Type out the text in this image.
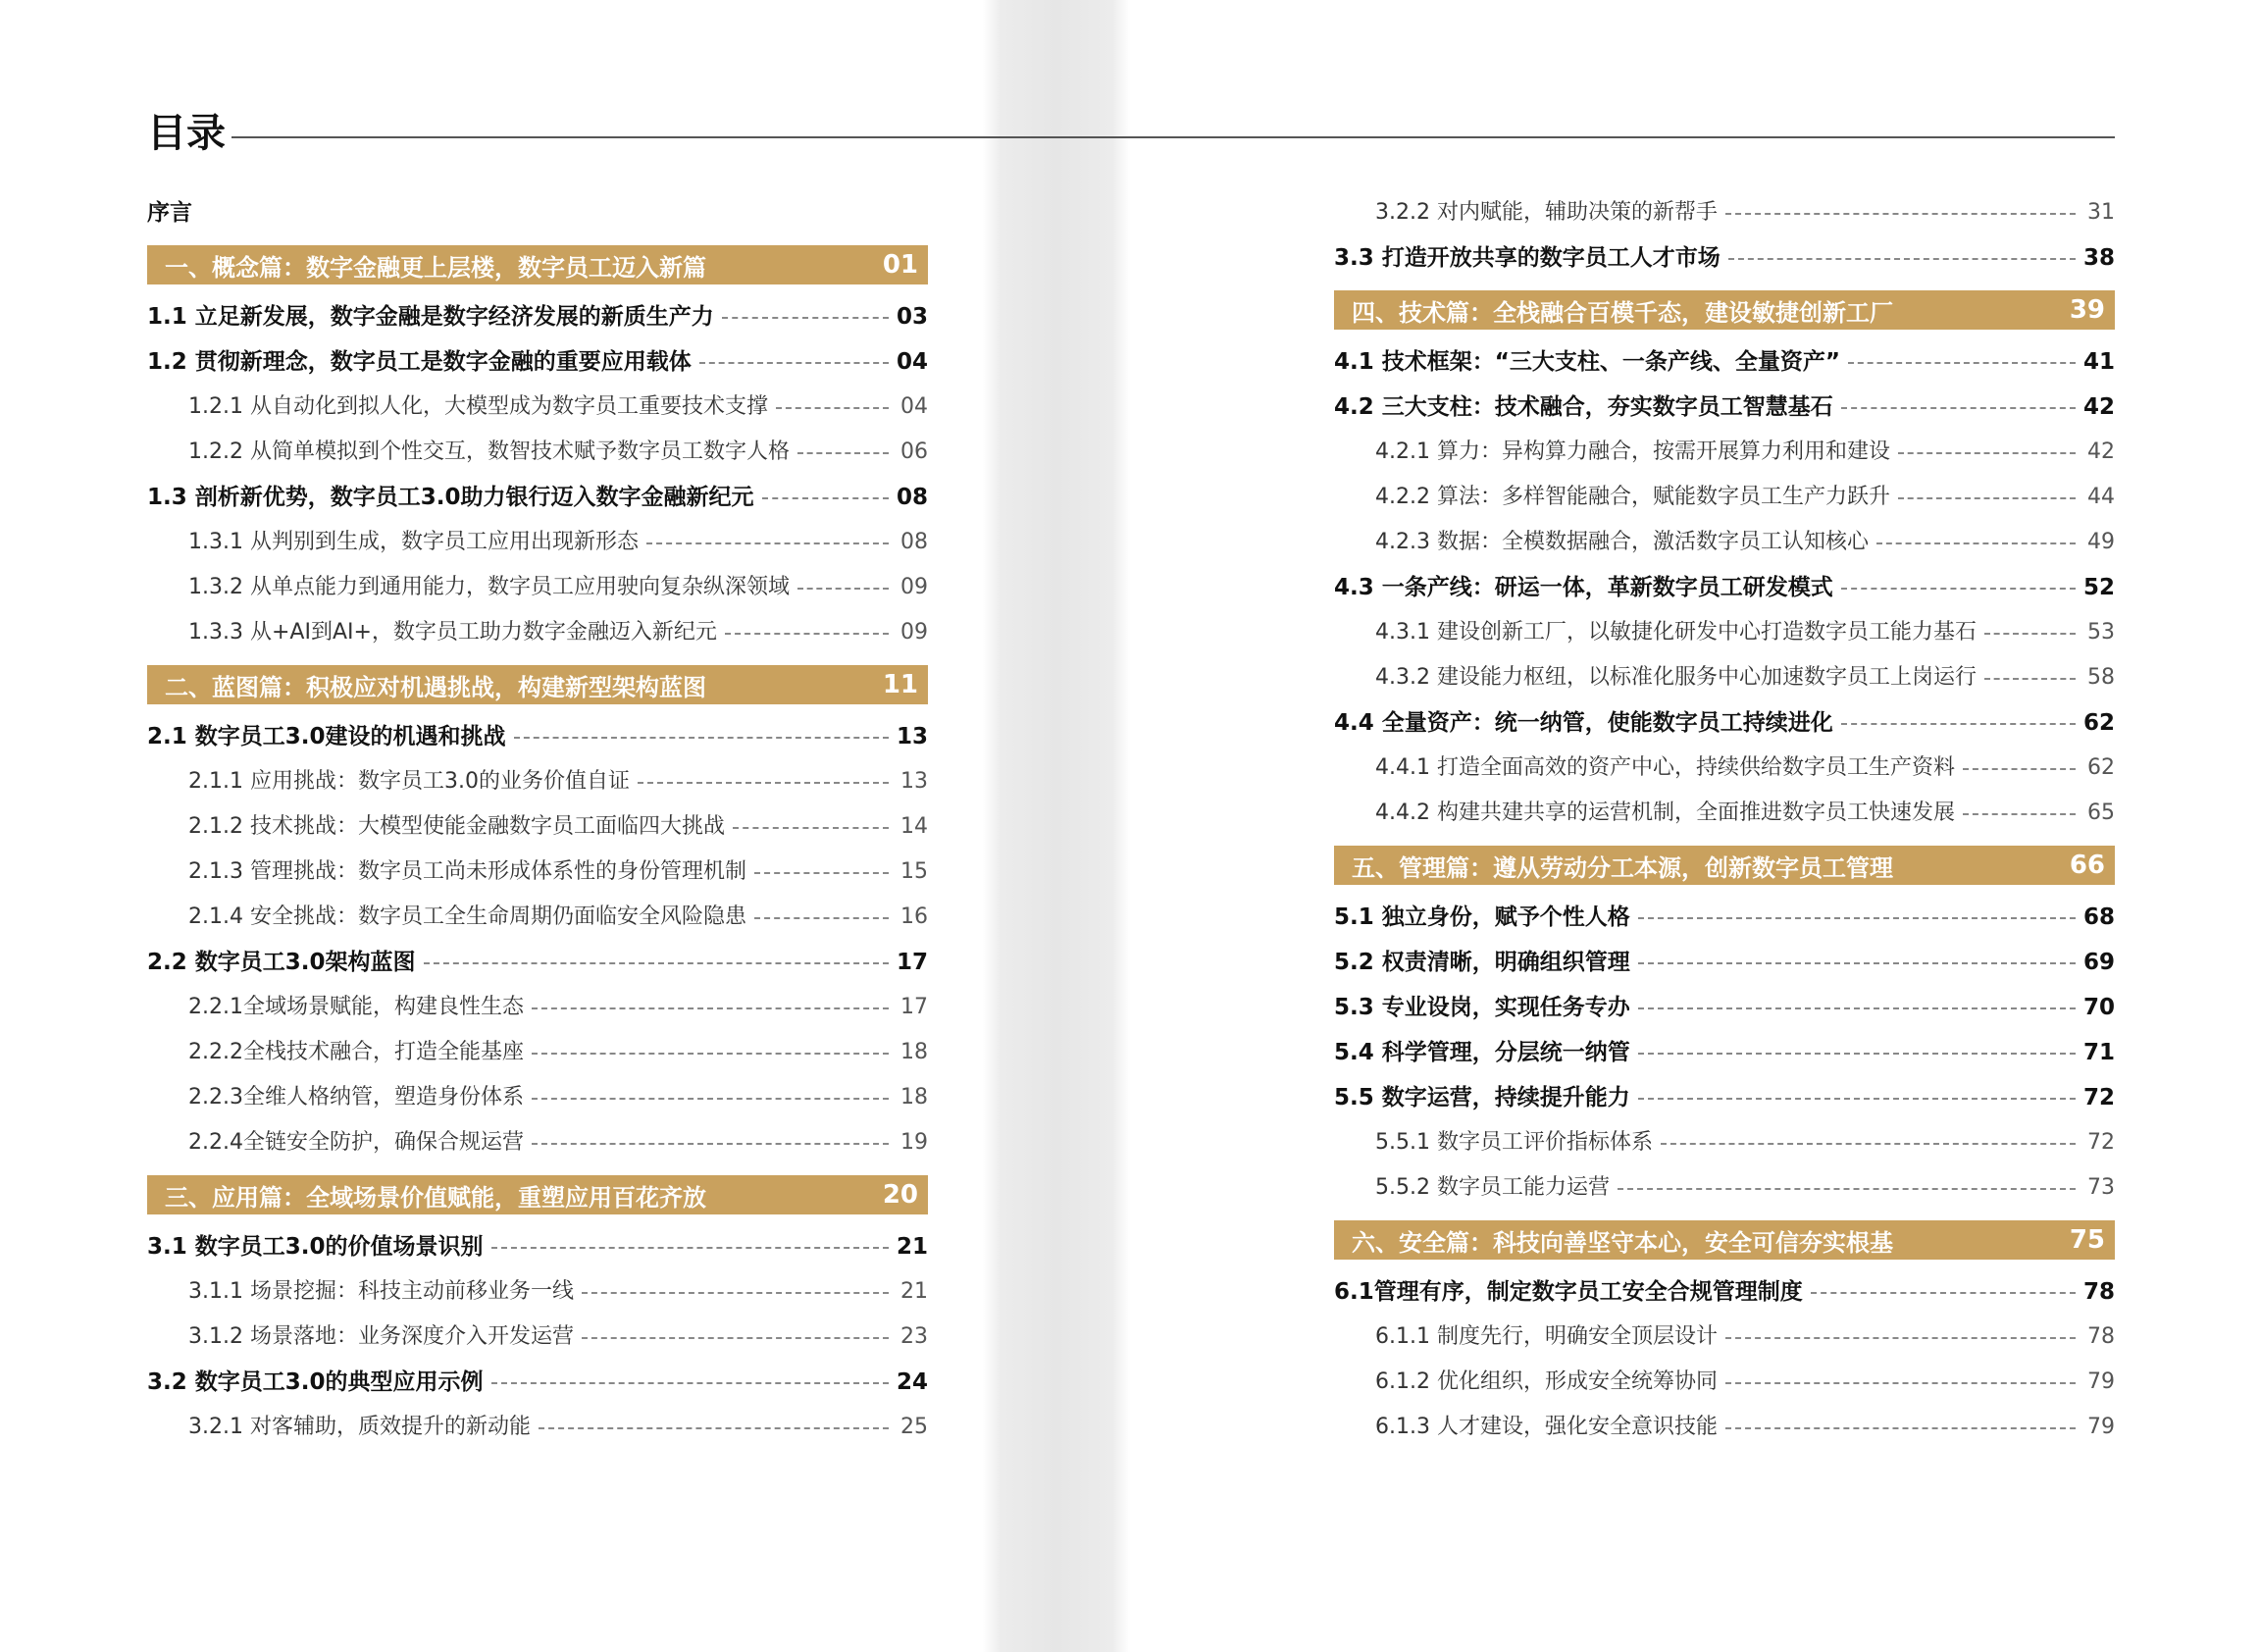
目录
序言
一、概念篇：数字金融更上层楼，数字员工迈入新篇	01
1.1 立足新发展，数字金融是数字经济发展的新质生产力	03
1.2 贯彻新理念，数字员工是数字金融的重要应用载体	04
1.2.1 从自动化到拟人化，大模型成为数字员工重要技术支撑	04
1.2.2 从简单模拟到个性交互，数智技术赋予数字员工数字人格	06
1.3 剖析新优势，数字员工3.0助力银行迈入数字金融新纪元	08
1.3.1 从判别到生成，数字员工应用出现新形态	08
1.3.2 从单点能力到通用能力，数字员工应用驶向复杂纵深领域	09
1.3.3 从+AI到AI+，数字员工助力数字金融迈入新纪元	09
二、蓝图篇：积极应对机遇挑战，构建新型架构蓝图	11
2.1 数字员工3.0建设的机遇和挑战	13
2.1.1 应用挑战：数字员工3.0的业务价值自证	13
2.1.2 技术挑战：大模型使能金融数字员工面临四大挑战	14
2.1.3 管理挑战：数字员工尚未形成体系性的身份管理机制	15
2.1.4 安全挑战：数字员工全生命周期仍面临安全风险隐患	16
2.2 数字员工3.0架构蓝图	17
2.2.1全域场景赋能，构建良性生态	17
2.2.2全栈技术融合，打造全能基座	18
2.2.3全维人格纳管，塑造身份体系	18
2.2.4全链安全防护，确保合规运营	19
三、应用篇：全域场景价值赋能，重塑应用百花齐放	20
3.1 数字员工3.0的价值场景识别	21
3.1.1 场景挖掘：科技主动前移业务一线	21
3.1.2 场景落地：业务深度介入开发运营	23
3.2 数字员工3.0的典型应用示例	24
3.2.1 对客辅助，质效提升的新动能	25
3.2.2 对内赋能，辅助决策的新帮手	31
3.3 打造开放共享的数字员工人才市场	38
四、技术篇：全栈融合百模千态，建设敏捷创新工厂	39
4.1 技术框架：“三大支柱、一条产线、全量资产”	41
4.2 三大支柱：技术融合，夯实数字员工智慧基石	42
4.2.1 算力：异构算力融合，按需开展算力利用和建设	42
4.2.2 算法：多样智能融合，赋能数字员工生产力跃升	44
4.2.3 数据：全模数据融合，激活数字员工认知核心	49
4.3 一条产线：研运一体，革新数字员工研发模式	52
4.3.1 建设创新工厂，以敏捷化研发中心打造数字员工能力基石	53
4.3.2 建设能力枢纽，以标准化服务中心加速数字员工上岗运行	58
4.4 全量资产：统一纳管，使能数字员工持续进化	62
4.4.1 打造全面高效的资产中心，持续供给数字员工生产资料	62
4.4.2 构建共建共享的运营机制，全面推进数字员工快速发展	65
五、管理篇：遵从劳动分工本源，创新数字员工管理	66
5.1 独立身份，赋予个性人格	68
5.2 权责清晰，明确组织管理	69
5.3 专业设岗，实现任务专办	70
5.4 科学管理，分层统一纳管	71
5.5 数字运营，持续提升能力	72
5.5.1 数字员工评价指标体系	72
5.5.2 数字员工能力运营	73
六、安全篇：科技向善坚守本心，安全可信夯实根基	75
6.1管理有序，制定数字员工安全合规管理制度	78
6.1.1 制度先行，明确安全顶层设计	78
6.1.2 优化组织，形成安全统筹协同	79
6.1.3 人才建设，强化安全意识技能	79
